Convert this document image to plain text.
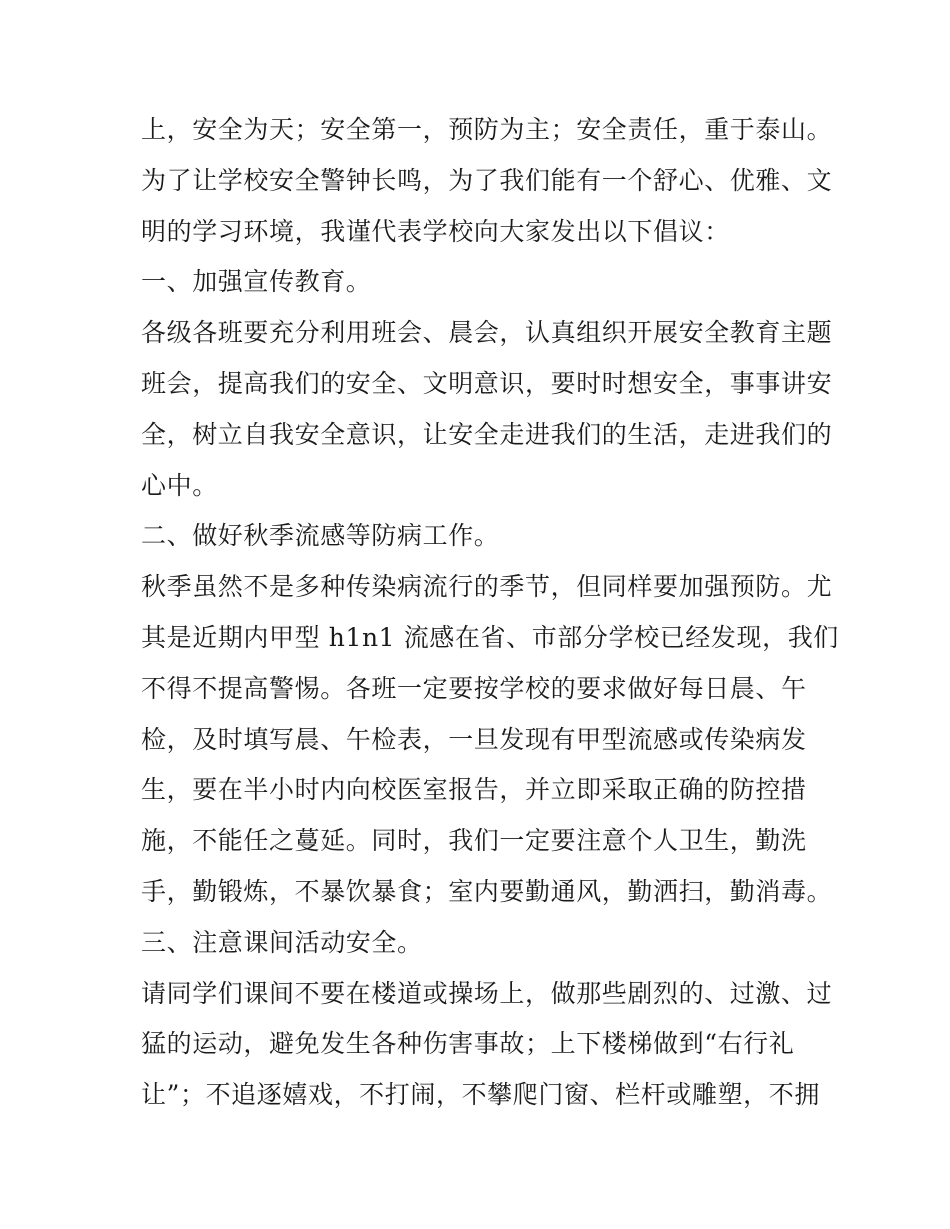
上，安全为天；安全第一，预防为主；安全责任，重于泰山。
为了让学校安全警钟长鸣，为了我们能有一个舒心、优雅、文
明的学习环境，我谨代表学校向大家发出以下倡议：
一、加强宣传教育。
各级各班要充分利用班会、晨会，认真组织开展安全教育主题
班会，提高我们的安全、文明意识，要时时想安全，事事讲安
全，树立自我安全意识，让安全走进我们的生活，走进我们的
心中。
二、做好秋季流感等防病工作。
秋季虽然不是多种传染病流行的季节，但同样要加强预防。尤
其是近期内甲型 h1n1 流感在省、市部分学校已经发现，我们
不得不提高警惕。各班一定要按学校的要求做好每日晨、午
检，及时填写晨、午检表，一旦发现有甲型流感或传染病发
生，要在半小时内向校医室报告，并立即采取正确的防控措
施，不能任之蔓延。同时，我们一定要注意个人卫生，勤洗
手，勤锻炼，不暴饮暴食；室内要勤通风，勤洒扫，勤消毒。
三、注意课间活动安全。
请同学们课间不要在楼道或操场上，做那些剧烈的、过激、过
猛的运动，避免发生各种伤害事故；上下楼梯做到“右行礼
让”；不追逐嬉戏，不打闹，不攀爬门窗、栏杆或雕塑，不拥
